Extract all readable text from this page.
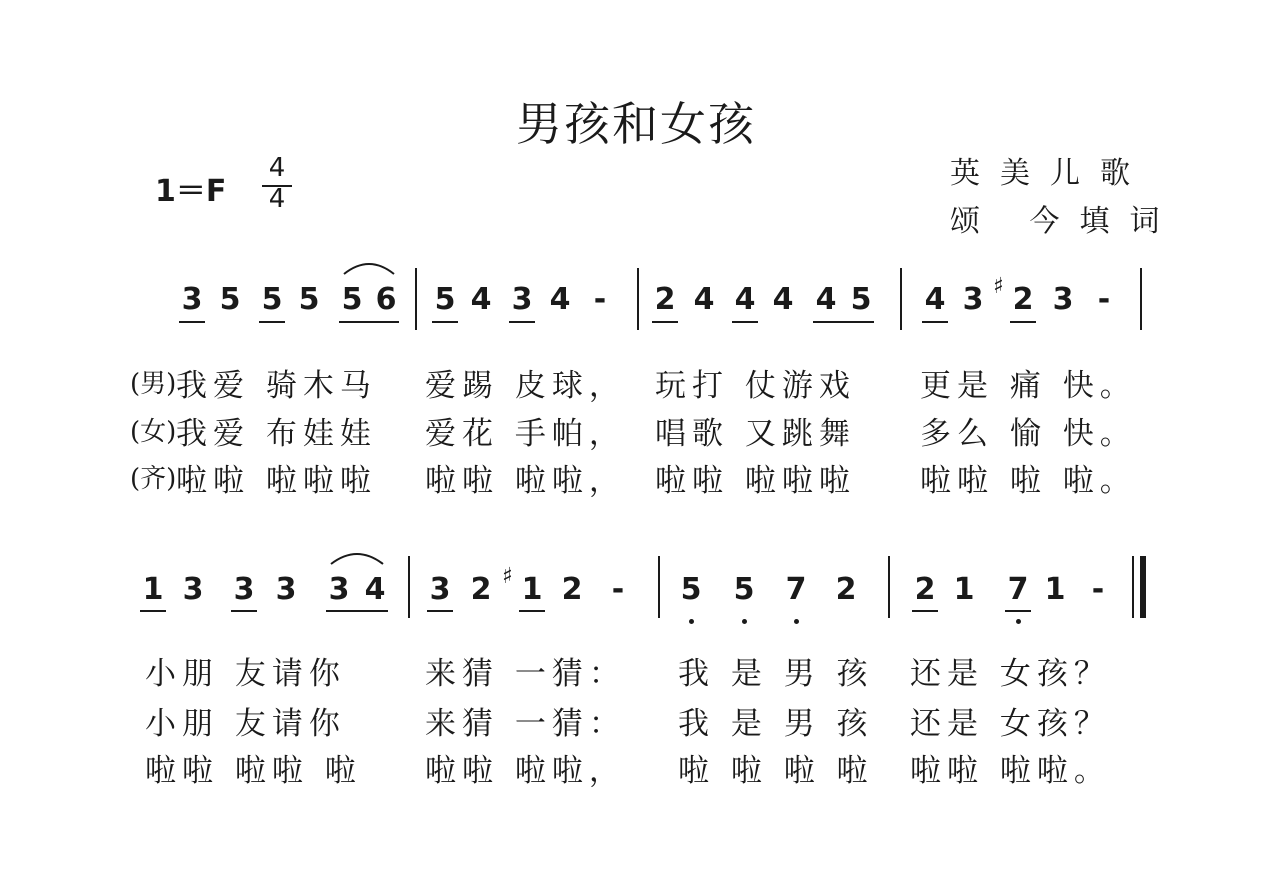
男孩和女孩
1＝F
4
4
英美儿歌
颂 今填词
3 5 5 5 5 6 5 4 3 4 -	2 4 4 4 4 5 4 3 2
♯ 3 -
(男) 我爱 骑木马 爱踢 皮球， 玩打 仗游戏 更是 痛 快。
(女) 我爱 布娃娃 爱花 手帕， 唱歌 又跳舞 多么 愉 快。
(齐) 啦啦 啦啦啦 啦啦 啦啦， 啦啦 啦啦啦 啦啦 啦 啦。
1 3 3 3 3 4 3 2 1
♯ 2 -	5 5 7 2 2 1 7 1 -
小朋 友请你	来猜 一猜： 我 是 男 孩 还是 女孩？
小朋 友请你	来猜 一猜： 我 是 男 孩 还是 女孩？
啦啦 啦啦 啦 啦啦 啦啦， 啦 啦 啦 啦 啦啦 啦啦。
